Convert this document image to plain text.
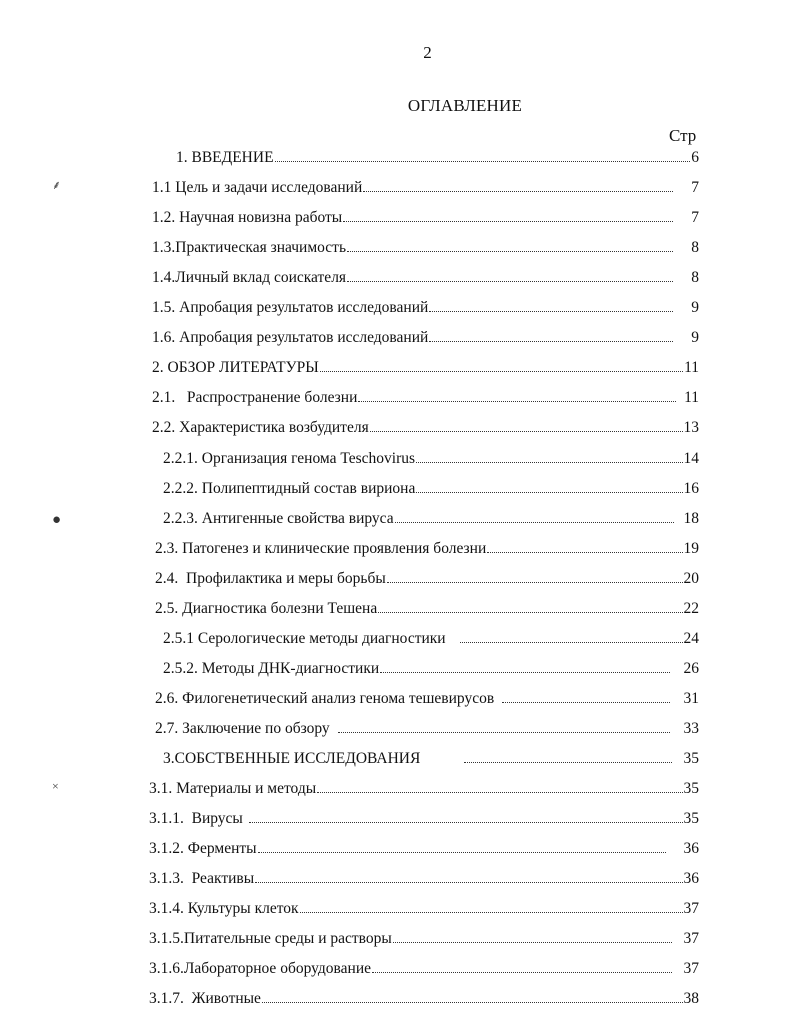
2
ОГЛАВЛЕНИЕ
Стр
⸙
●
×
1. ВВЕДЕНИЕ	6
1.1 Цель и задачи исследований	7
1.2. Научная новизна работы	7
1.3.Практическая значимость	8
1.4.Личный вклад соискателя	8
1.5. Апробация результатов исследований	9
1.6. Апробация результатов исследований	9
2. ОБЗОР ЛИТЕРАТУРЫ	11
2.1.   Распространение болезни	11
2.2. Характеристика возбудителя	13
2.2.1. Организация генома Teschovirus	14
2.2.2. Полипептидный состав вириона	16
2.2.3. Антигенные свойства вируса	18
2.3. Патогенез и клинические проявления болезни	19
2.4.  Профилактика и меры борьбы	20
2.5. Диагностика болезни Тешена	22
2.5.1 Серологические методы диагностики	24
2.5.2. Методы ДНК-диагностики	26
2.6. Филогенетический анализ генома тешевирусов	31
2.7. Заключение по обзору	33
3.СОБСТВЕННЫЕ ИССЛЕДОВАНИЯ	35
3.1. Материалы и методы	35
3.1.1.  Вирусы	35
3.1.2. Ферменты	36
3.1.3.  Реактивы	36
3.1.4. Культуры клеток	37
3.1.5.Питательные среды и растворы	37
3.1.6.Лабораторное оборудование	37
3.1.7.  Животные	38
